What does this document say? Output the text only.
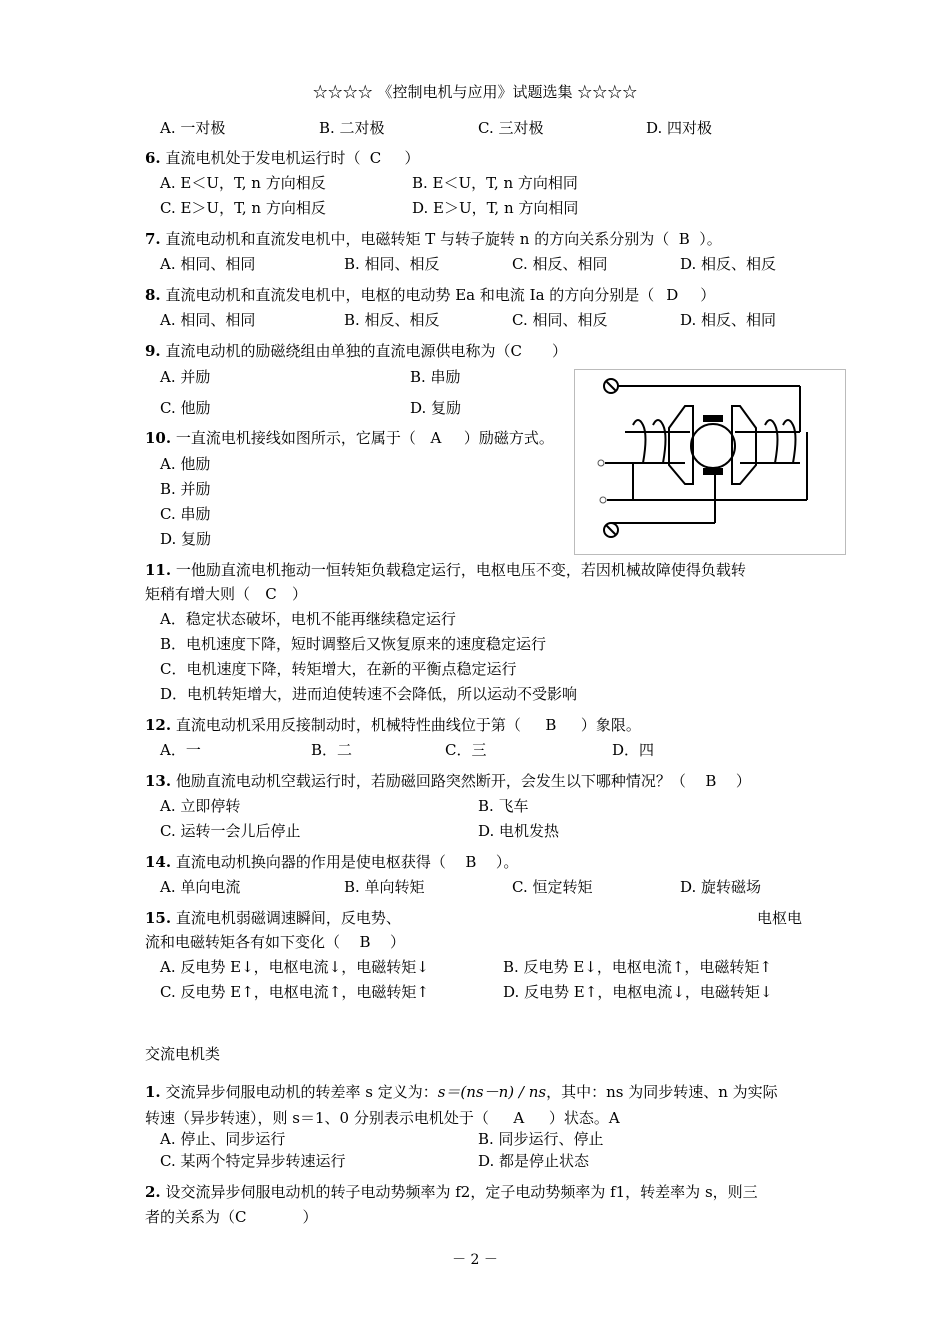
☆☆☆☆ 《控制电机与应用》试题选集 ☆☆☆☆
A. 一对极	B. 二对极	C. 三对极	D. 四对极
6. 直流电机处于发电机运行时（ C ）
A. E＜U，T, n 方向相反	B. E＜U，T, n 方向相同
C. E＞U，T, n 方向相反	D. E＞U，T, n 方向相同
7. 直流电动机和直流发电机中，电磁转矩 T 与转子旋转 n 的方向关系分别为（ B ）。
A. 相同、相同	B. 相同、相反	C. 相反、相同	D. 相反、相反
8. 直流电动机和直流发电机中，电枢的电动势 Ea 和电流 Ia 的方向分别是（ D ）
A. 相同、相同	B. 相反、相反	C. 相同、相反	D. 相反、相同
9. 直流电动机的励磁绕组由单独的直流电源供电称为（C ）
A. 并励	B. 串励
C. 他励	D. 复励
10. 一直流电机接线如图所示，它属于（ A ）励磁方式。
A. 他励
B. 并励
C. 串励
D. 复励
11. 一他励直流电机拖动一恒转矩负载稳定运行，电枢电压不变，若因机械故障使得负载转
矩稍有增大则（ C ）
A．稳定状态破坏，电机不能再继续稳定运行
B．电机速度下降，短时调整后又恢复原来的速度稳定运行
C．电机速度下降，转矩增大，在新的平衡点稳定运行
D．电机转矩增大，进而迫使转速不会降低，所以运动不受影响
12. 直流电动机采用反接制动时，机械特性曲线位于第（ B ）象限。
A．一	B．二	C．三	D．四
13. 他励直流电动机空载运行时，若励磁回路突然断开，会发生以下哪种情况？（ B ）
A. 立即停转	B. 飞车
C. 运转一会儿后停止	D. 电机发热
14. 直流电动机换向器的作用是使电枢获得（ B ）。
A. 单向电流	B. 单向转矩	C. 恒定转矩	D. 旋转磁场
15. 直流电机弱磁调速瞬间，反电势、	电枢电
流和电磁转矩各有如下变化（ B ）
A. 反电势 E↓，电枢电流↓，电磁转矩↓	B. 反电势 E↓，电枢电流↑，电磁转矩↑
C. 反电势 E↑，电枢电流↑，电磁转矩↑	D. 反电势 E↑，电枢电流↓，电磁转矩↓
交流电机类
1. 交流异步伺服电动机的转差率 s 定义为：s＝(ns－n) / ns，其中：ns 为同步转速、n 为实际
转速（异步转速），则 s＝1、0 分别表示电机处于（ A ）状态。A
A. 停止、同步运行	B. 同步运行、停止
C. 某两个特定异步转速运行	D. 都是停止状态
2. 设交流异步伺服电动机的转子电动势频率为 f2，定子电动势频率为 f1，转差率为 s，则三
者的关系为（C	）
－ 2 －
